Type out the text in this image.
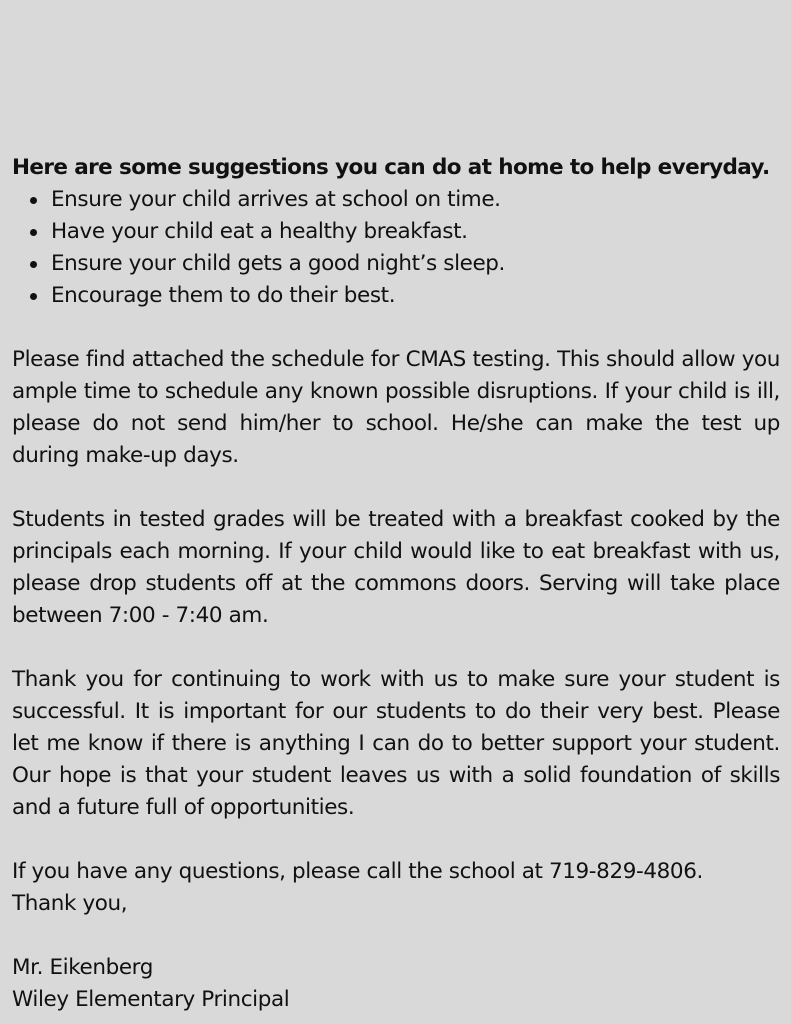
Here are some suggestions you can do at home to help everyday.

Ensure your child arrives at school on time.
Have your child eat a healthy breakfast.
Ensure your child gets a good night’s sleep.
Encourage them to do their best.

Please find attached the schedule for CMAS testing. This should allow you ample time to schedule any known possible disruptions. If your child is ill, please do not send him/her to school. He/she can make the test up during make-up days.

Students in tested grades will be treated with a breakfast cooked by the principals each morning. If your child would like to eat breakfast with us, please drop students off at the commons doors. Serving will take place between 7:00 - 7:40 am.

Thank you for continuing to work with us to make sure your student is successful. It is important for our students to do their very best. Please let me know if there is anything I can do to better support your student. Our hope is that your student leaves us with a solid foundation of skills and a future full of opportunities.

If you have any questions, please call the school at 719-829-4806.

Thank you,

Mr. Eikenberg

Wiley Elementary Principal
